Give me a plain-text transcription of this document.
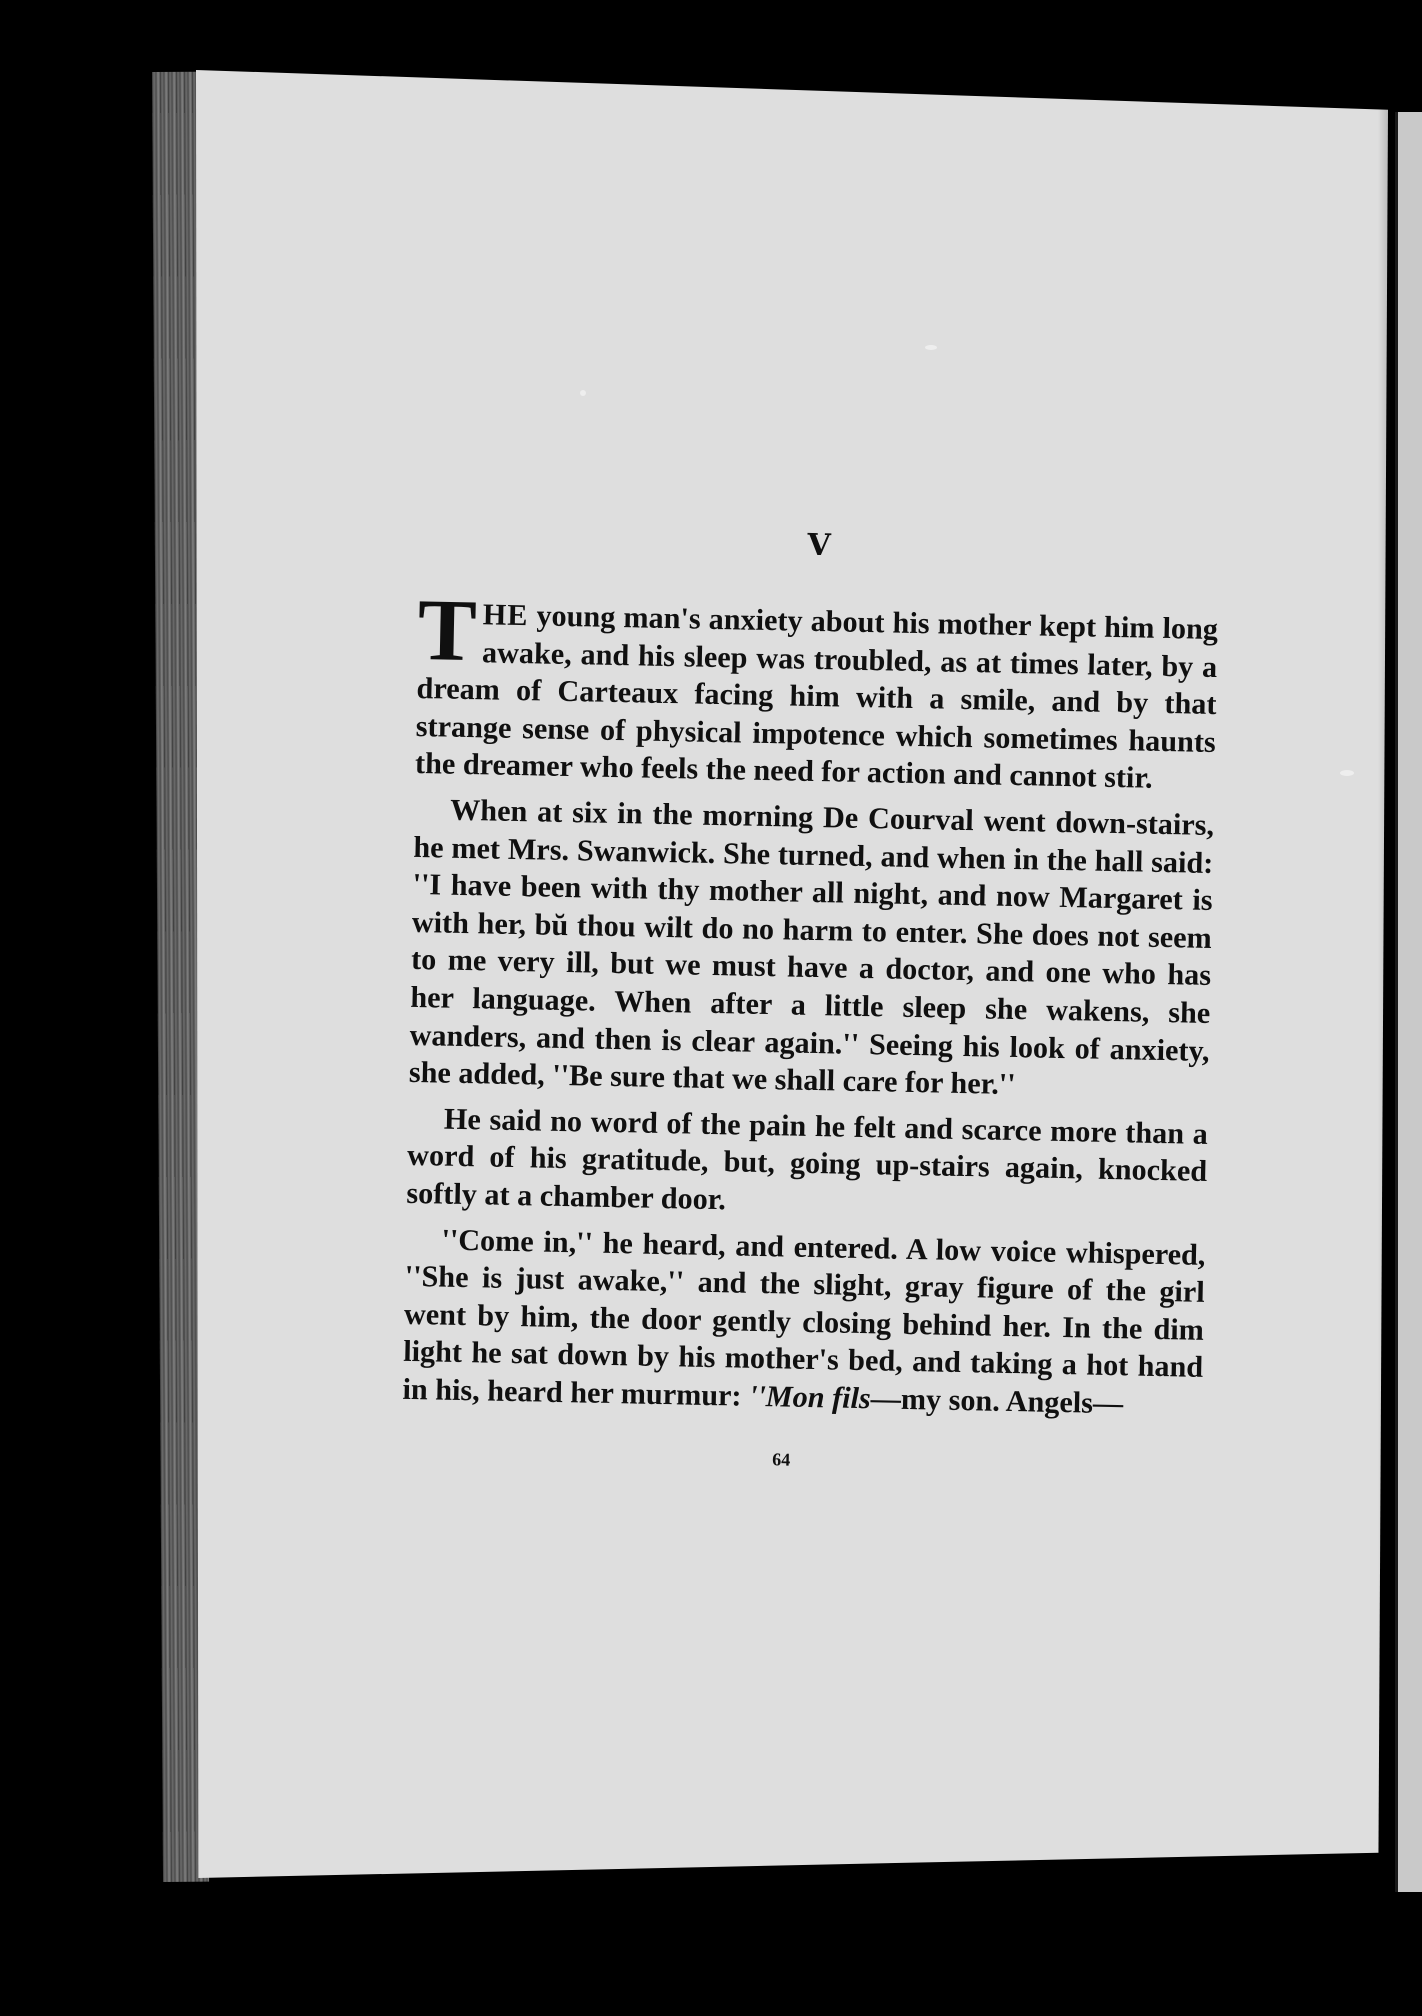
V

THE young man's anxiety about his mother kept him long awake, and his sleep was troubled, as at times later, by a dream of Carteaux facing him with a smile, and by that strange sense of physical impotence which sometimes haunts the dreamer who feels the need for action and cannot stir.

When at six in the morning De Courval went down-stairs, he met Mrs. Swanwick. She turned, and when in the hall said: ''I have been with thy mother all night, and now Margaret is with her, bŭ thou wilt do no harm to enter. She does not seem to me very ill, but we must have a doctor, and one who has her language. When after a little sleep she wakens, she wanders, and then is clear again.'' Seeing his look of anxiety, she added, ''Be sure that we shall care for her.''

He said no word of the pain he felt and scarce more than a word of his gratitude, but, going up-stairs again, knocked softly at a chamber door.

''Come in,'' he heard, and entered. A low voice whispered, ''She is just awake,'' and the slight, gray figure of the girl went by him, the door gently closing behind her. In the dim light he sat down by his mother's bed, and taking a hot hand in his, heard her murmur: ''Mon fils—my son. Angels—

64
